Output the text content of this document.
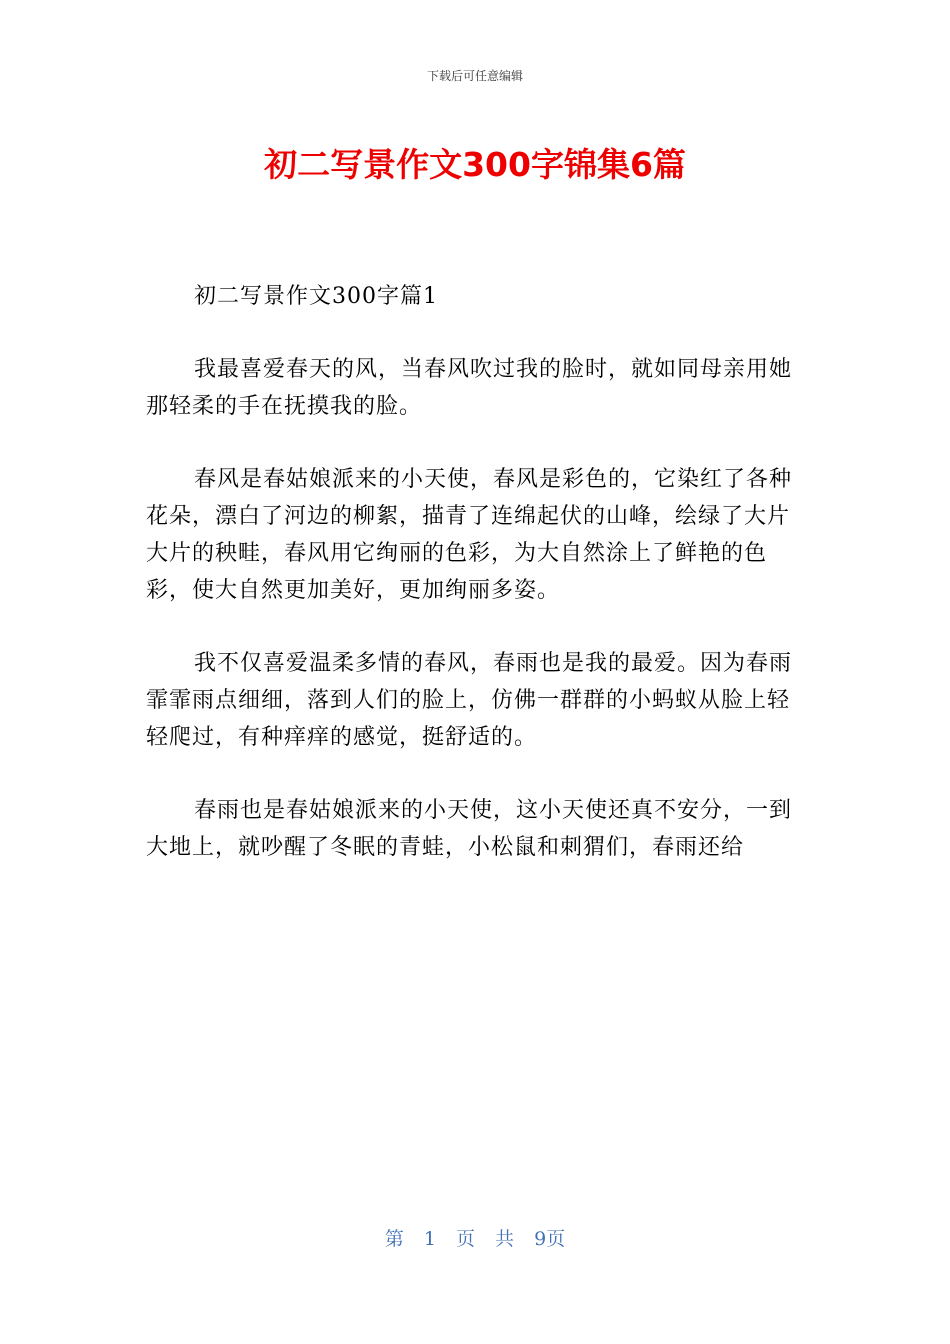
下载后可任意编辑
初二写景作文300字锦集6篇

初二写景作文300字篇1

我最喜爱春天的风，当春风吹过我的脸时，就如同母亲用她那轻柔的手在抚摸我的脸。

春风是春姑娘派来的小天使，春风是彩色的，它染红了各种花朵，漂白了河边的柳絮，描青了连绵起伏的山峰，绘绿了大片大片的秧畦，春风用它绚丽的色彩，为大自然涂上了鲜艳的色彩，使大自然更加美好，更加绚丽多姿。

我不仅喜爱温柔多情的春风，春雨也是我的最爱。因为春雨霏霏雨点细细，落到人们的脸上，仿佛一群群的小蚂蚁从脸上轻轻爬过，有种痒痒的感觉，挺舒适的。

春雨也是春姑娘派来的小天使，这小天使还真不安分，一到大地上，就吵醒了冬眠的青蛙，小松鼠和刺猬们，春雨还给

第 1 页 共 9页
